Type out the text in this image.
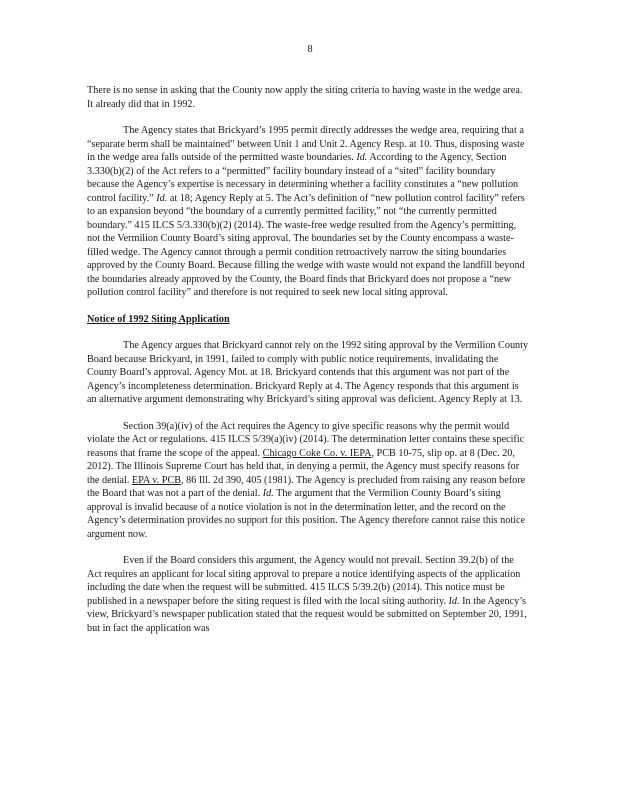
8

There is no sense in asking that the County now apply the siting criteria to having waste in the wedge area. It already did that in 1992.

The Agency states that Brickyard’s 1995 permit directly addresses the wedge area, requiring that a “separate berm shall be maintained” between Unit 1 and Unit 2. Agency Resp. at 10. Thus, disposing waste in the wedge area falls outside of the permitted waste boundaries. Id. According to the Agency, Section 3.330(b)(2) of the Act refers to a “permitted” facility boundary instead of a “sited” facility boundary because the Agency’s expertise is necessary in determining whether a facility constitutes a “new pollution control facility.” Id. at 18; Agency Reply at 5. The Act’s definition of “new pollution control facility” refers to an expansion beyond “the boundary of a currently permitted facility,” not “the currently permitted boundary.” 415 ILCS 5/3.330(b)(2) (2014). The waste-free wedge resulted from the Agency’s permitting, not the Vermilion County Board’s siting approval. The boundaries set by the County encompass a waste-filled wedge. The Agency cannot through a permit condition retroactively narrow the siting boundaries approved by the County Board. Because filling the wedge with waste would not expand the landfill beyond the boundaries already approved by the County, the Board finds that Brickyard does not propose a “new pollution control facility” and therefore is not required to seek new local siting approval.

Notice of 1992 Siting Application

The Agency argues that Brickyard cannot rely on the 1992 siting approval by the Vermilion County Board because Brickyard, in 1991, failed to comply with public notice requirements, invalidating the County Board’s approval. Agency Mot. at 18. Brickyard contends that this argument was not part of the Agency’s incompleteness determination. Brickyard Reply at 4. The Agency responds that this argument is an alternative argument demonstrating why Brickyard’s siting approval was deficient. Agency Reply at 13.

Section 39(a)(iv) of the Act requires the Agency to give specific reasons why the permit would violate the Act or regulations. 415 ILCS 5/39(a)(iv) (2014). The determination letter contains these specific reasons that frame the scope of the appeal. Chicago Coke Co. v. IEPA, PCB 10-75, slip op. at 8 (Dec. 20, 2012). The Illinois Supreme Court has held that, in denying a permit, the Agency must specify reasons for the denial. EPA v. PCB, 86 Ill. 2d 390, 405 (1981). The Agency is precluded from raising any reason before the Board that was not a part of the denial. Id. The argument that the Vermilion County Board’s siting approval is invalid because of a notice violation is not in the determination letter, and the record on the Agency’s determination provides no support for this position. The Agency therefore cannot raise this notice argument now.

Even if the Board considers this argument, the Agency would not prevail. Section 39.2(b) of the Act requires an applicant for local siting approval to prepare a notice identifying aspects of the application including the date when the request will be submitted. 415 ILCS 5/39.2(b) (2014). This notice must be published in a newspaper before the siting request is filed with the local siting authority. Id. In the Agency’s view, Brickyard’s newspaper publication stated that the request would be submitted on September 20, 1991, but in fact the application was
